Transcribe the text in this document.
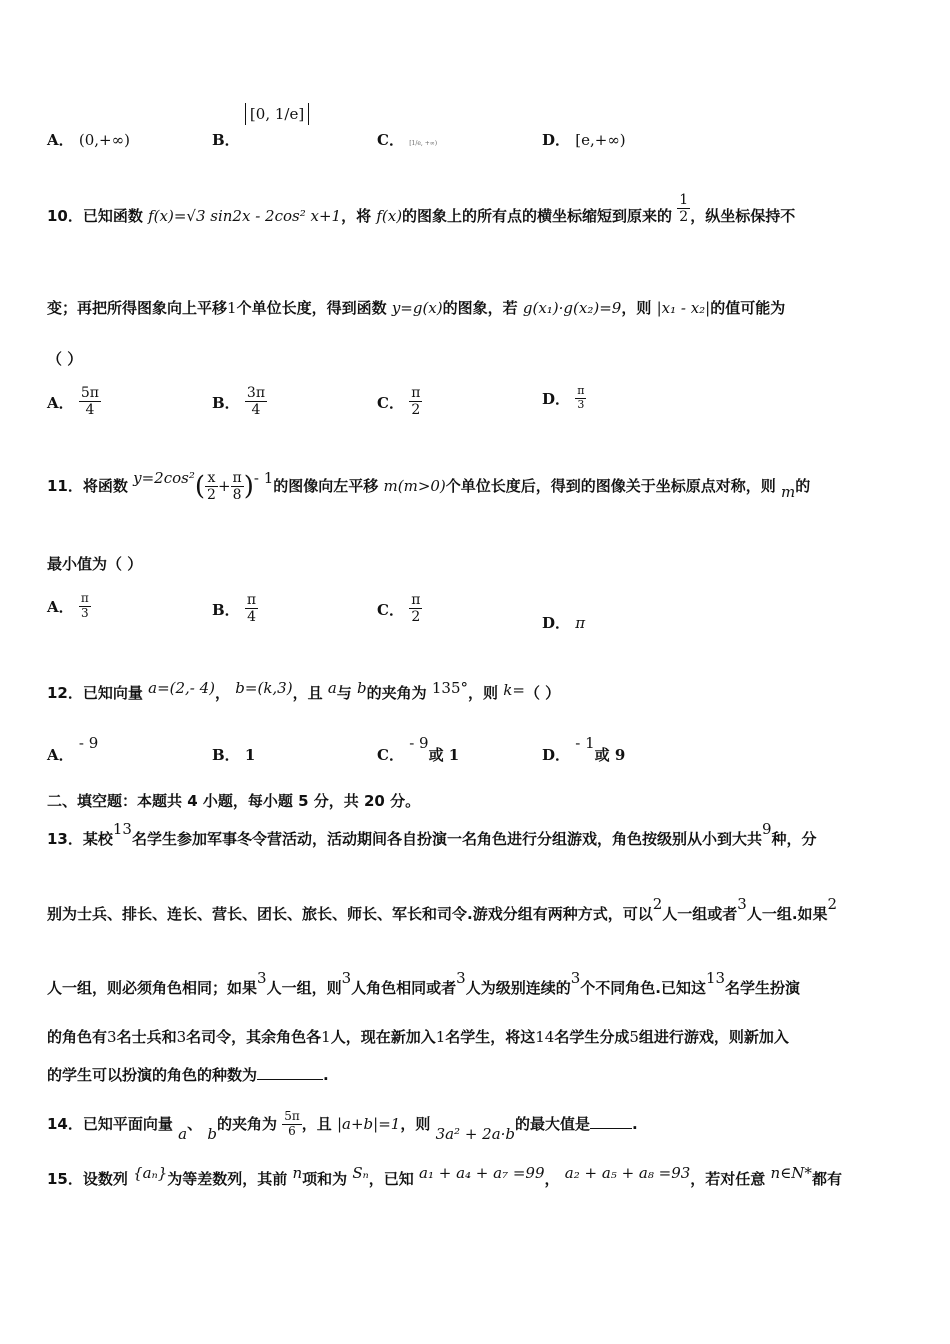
A． (0,+∞)	B． [0, 1/e]
C． [1/e, +∞)	D． [e,+∞)
10．已知函数 f(x)=√3 sin2x - 2cos² x+1，将 f(x)的图象上的所有点的横坐标缩短到原来的 $\frac{1}{2}$ ，纵坐标保持不
变；再把所得图象向上平移1个单位长度，得到函数 y=g(x)的图象，若 g(x₁)·g(x₂)=9，则 |x₁ - x₂|的值可能为
（ ）
A． $\frac{5\pi}{4}$	B． $\frac{3\pi}{4}$	C． $\frac{\pi}{2}$	D． $\frac{\pi}{3}$
11．将函数 $y=2\cos^2( \frac{x}{2} + \frac{\pi}{8}$ )- 1的图像向左平移 m(m>0)个单位长度后，得到的图像关于坐标原点对称，则 m的
最小值为（ ）
A． $\frac{\pi}{3}$	B． $\frac{\pi}{4}$	C． $\frac{\pi}{2}$	D． π
12．已知向量 a=(2,- 4)， b=(k,3)，且 a与 b的夹角为 135°，则 k=（ ）
A． - 9
B． 1	C． - 9或 1	D． - 1或 9
二、填空题：本题共 4 小题，每小题 5 分，共 20 分。
13．某校13名学生参加军事冬令营活动，活动期间各自扮演一名角色进行分组游戏，角色按级别从小到大共9种，分
别为士兵、排长、连长、营长、团长、旅长、师长、军长和司令.游戏分组有两种方式，可以2人一组或者3人一组.如果2
人一组，则必须角色相同；如果3人一组，则3人角色相同或者3人为级别连续的3个不同角色.已知这13名学生扮演
的角色有3名士兵和3名司令，其余角色各1人，现在新加入1名学生，将这14名学生分成5组进行游戏，则新加入
的学生可以扮演的角色的种数为	.
14．已知平面向量 a、 b的夹角为 $\frac{5\pi}{6}$ ，且 |a+b|=1，则 3a² + 2a·b的最大值是	.
15．设数列 {aₙ}为等差数列，其前 n项和为 Sₙ，已知 a₁ + a₄ + a₇ =99， a₂ + a₅ + a₈ =93，若对任意 n∈N*都有
